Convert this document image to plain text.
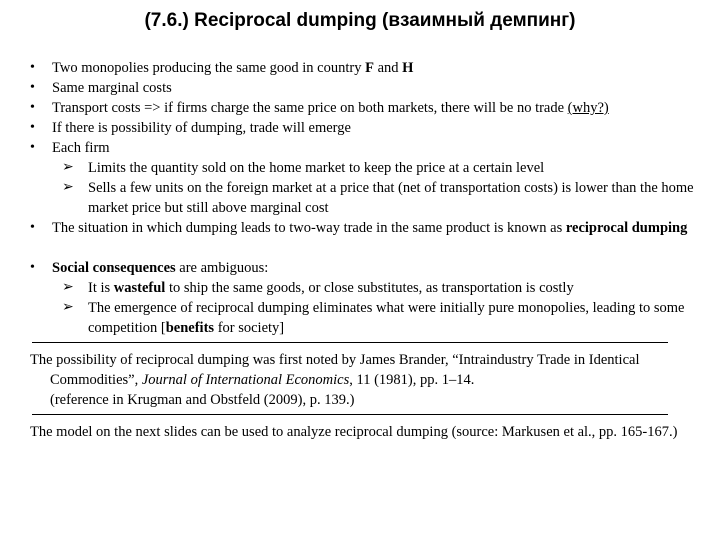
(7.6.) Reciprocal dumping (взаимный демпинг)
• Two monopolies producing the same good in country F and H
• Same marginal costs
• Transport costs => if firms charge the same price on both markets, there will be no trade (why?)
• If there is possibility of dumping, trade will emerge
• Each firm
➢ Limits the quantity sold on the home market to keep the price at a certain level
➢ Sells a few units on the foreign market at a price that (net of transportation costs) is lower than the home market price but still above marginal cost
• The situation in which dumping leads to two-way trade in the same product is known as reciprocal dumping
• Social consequences are ambiguous:
➢ It is wasteful to ship the same goods, or close substitutes, as transportation is costly
➢ The emergence of reciprocal dumping eliminates what were initially pure monopolies, leading to some competition [benefits for society]
The possibility of reciprocal dumping was first noted by James Brander, “Intraindustry Trade in Identical Commodities”, Journal of International Economics, 11 (1981), pp. 1–14.
(reference in Krugman and Obstfeld (2009), p. 139.)
The model on the next slides can be used to analyze reciprocal dumping (source: Markusen et al., pp. 165-167.)
